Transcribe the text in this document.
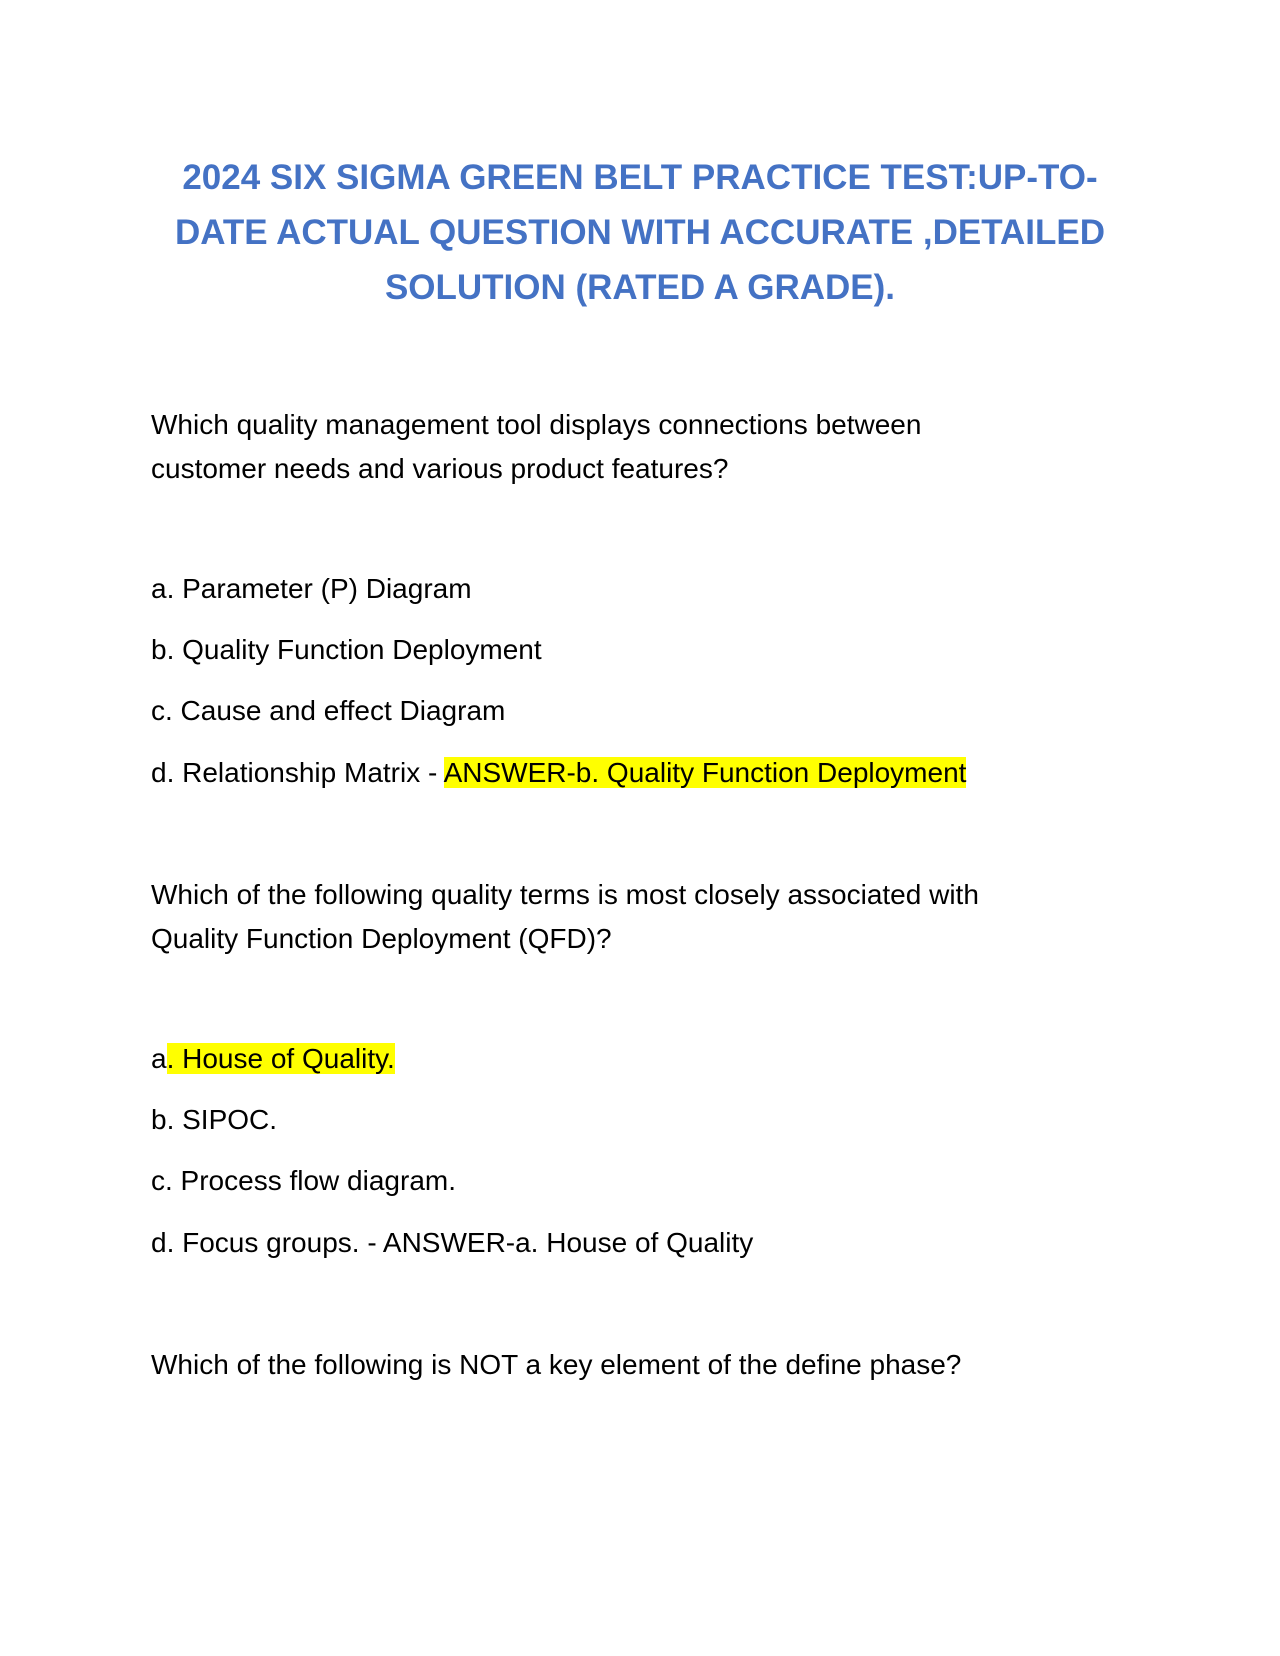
2024 SIX SIGMA GREEN BELT PRACTICE TEST:UP-TO-
DATE ACTUAL QUESTION WITH ACCURATE ,DETAILED
SOLUTION (RATED A GRADE).

Which quality management tool displays connections between

customer needs and various product features?

a. Parameter (P) Diagram

b. Quality Function Deployment

c. Cause and effect Diagram

d. Relationship Matrix - ANSWER-b. Quality Function Deployment

Which of the following quality terms is most closely associated with

Quality Function Deployment (QFD)?

a. House of Quality.

b. SIPOC.

c. Process flow diagram.

d. Focus groups. - ANSWER-a. House of Quality

Which of the following is NOT a key element of the define phase?
